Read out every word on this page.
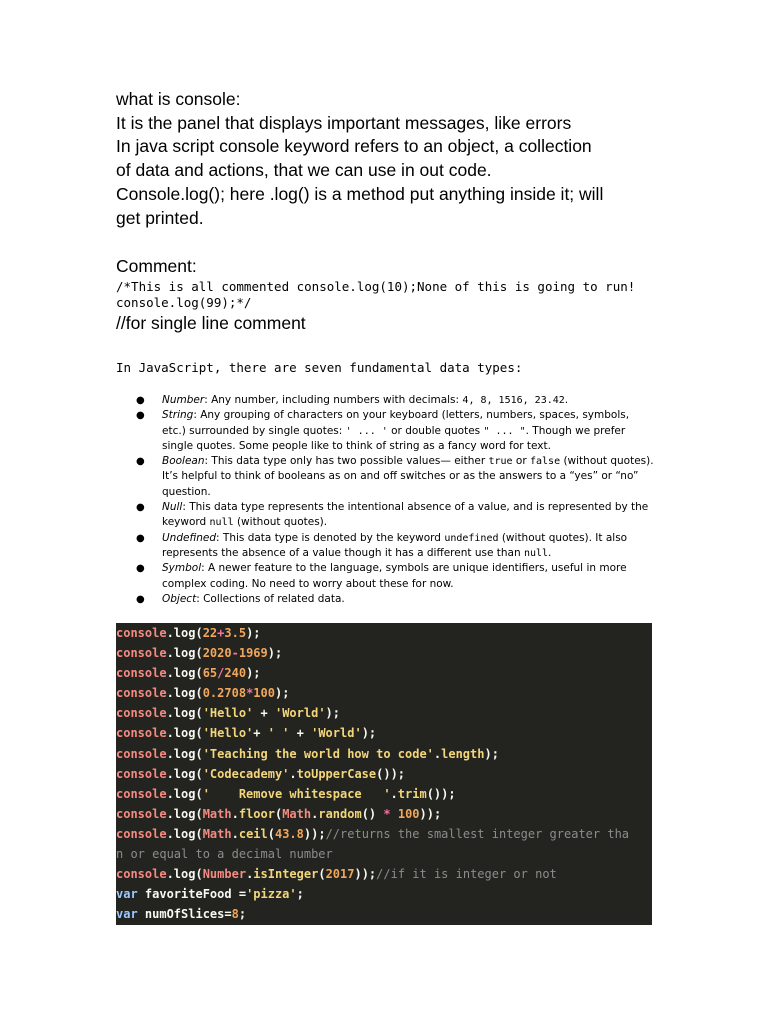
what is console:

It is the panel that displays important messages, like errors

In java script console keyword refers to an object, a collection

of data and actions, that we can use in out code.

Console.log(); here .log() is a method put anything inside it; will

get printed.

Comment:

/*This is all commented console.log(10);None of this is going to run!

console.log(99);*/

//for single line comment

In JavaScript, there are seven fundamental data types:
● Number: Any number, including numbers with decimals: 4, 8, 1516, 23.42.
● String: Any grouping of characters on your keyboard (letters, numbers, spaces, symbols, etc.) surrounded by single quotes: ' ... ' or double quotes " ... ". Though we prefer single quotes. Some people like to think of string as a fancy word for text.
● Boolean: This data type only has two possible values— either true or false (without quotes). It’s helpful to think of booleans as on and off switches or as the answers to a “yes” or “no” question.
● Null: This data type represents the intentional absence of a value, and is represented by the keyword null (without quotes).
● Undefined: This data type is denoted by the keyword undefined (without quotes). It also represents the absence of a value though it has a different use than null.
● Symbol: A newer feature to the language, symbols are unique identifiers, useful in more complex coding. No need to worry about these for now.
● Object: Collections of related data.
console.log(22+3.5);
console.log(2020-1969);
console.log(65/240);
console.log(0.2708*100);
console.log('Hello' + 'World');
console.log('Hello'+ ' ' + 'World');
console.log('Teaching the world how to code'.length);
console.log('Codecademy'.toUpperCase());
console.log('    Remove whitespace   '.trim());
console.log(Math.floor(Math.random() * 100));
console.log(Math.ceil(43.8));//returns the smallest integer greater tha
n or equal to a decimal number
console.log(Number.isInteger(2017));//if it is integer or not
var favoriteFood ='pizza';
var numOfSlices=8;
